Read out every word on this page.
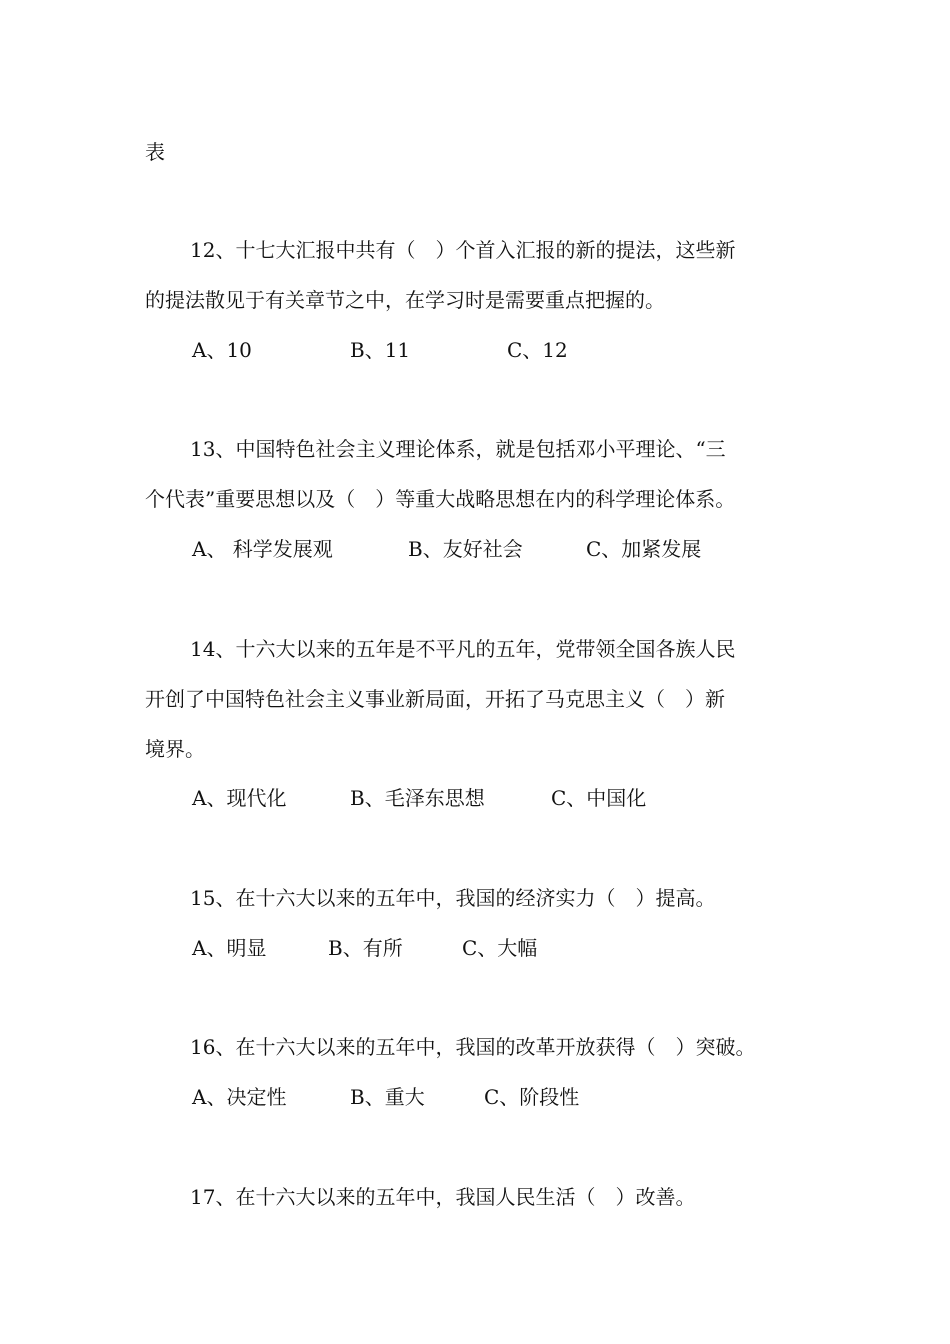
表

12、十七大汇报中共有（　）个首入汇报的新的提法，这些新

的提法散见于有关章节之中，在学习时是需要重点把握的。

A、10	B、11	C、12

13、中国特色社会主义理论体系，就是包括邓小平理论、“三

个代表”重要思想以及（　）等重大战略思想在内的科学理论体系。

A、 科学发展观	B、友好社会	C、加紧发展

14、十六大以来的五年是不平凡的五年，党带领全国各族人民

开创了中国特色社会主义事业新局面，开拓了马克思主义（　）新

境界。

A、现代化	B、毛泽东思想	C、中国化

15、在十六大以来的五年中，我国的经济实力（　）提高。

A、明显	B、有所	C、大幅

16、在十六大以来的五年中，我国的改革开放获得（　）突破。

A、决定性	B、重大	C、阶段性

17、在十六大以来的五年中，我国人民生活（　）改善。
